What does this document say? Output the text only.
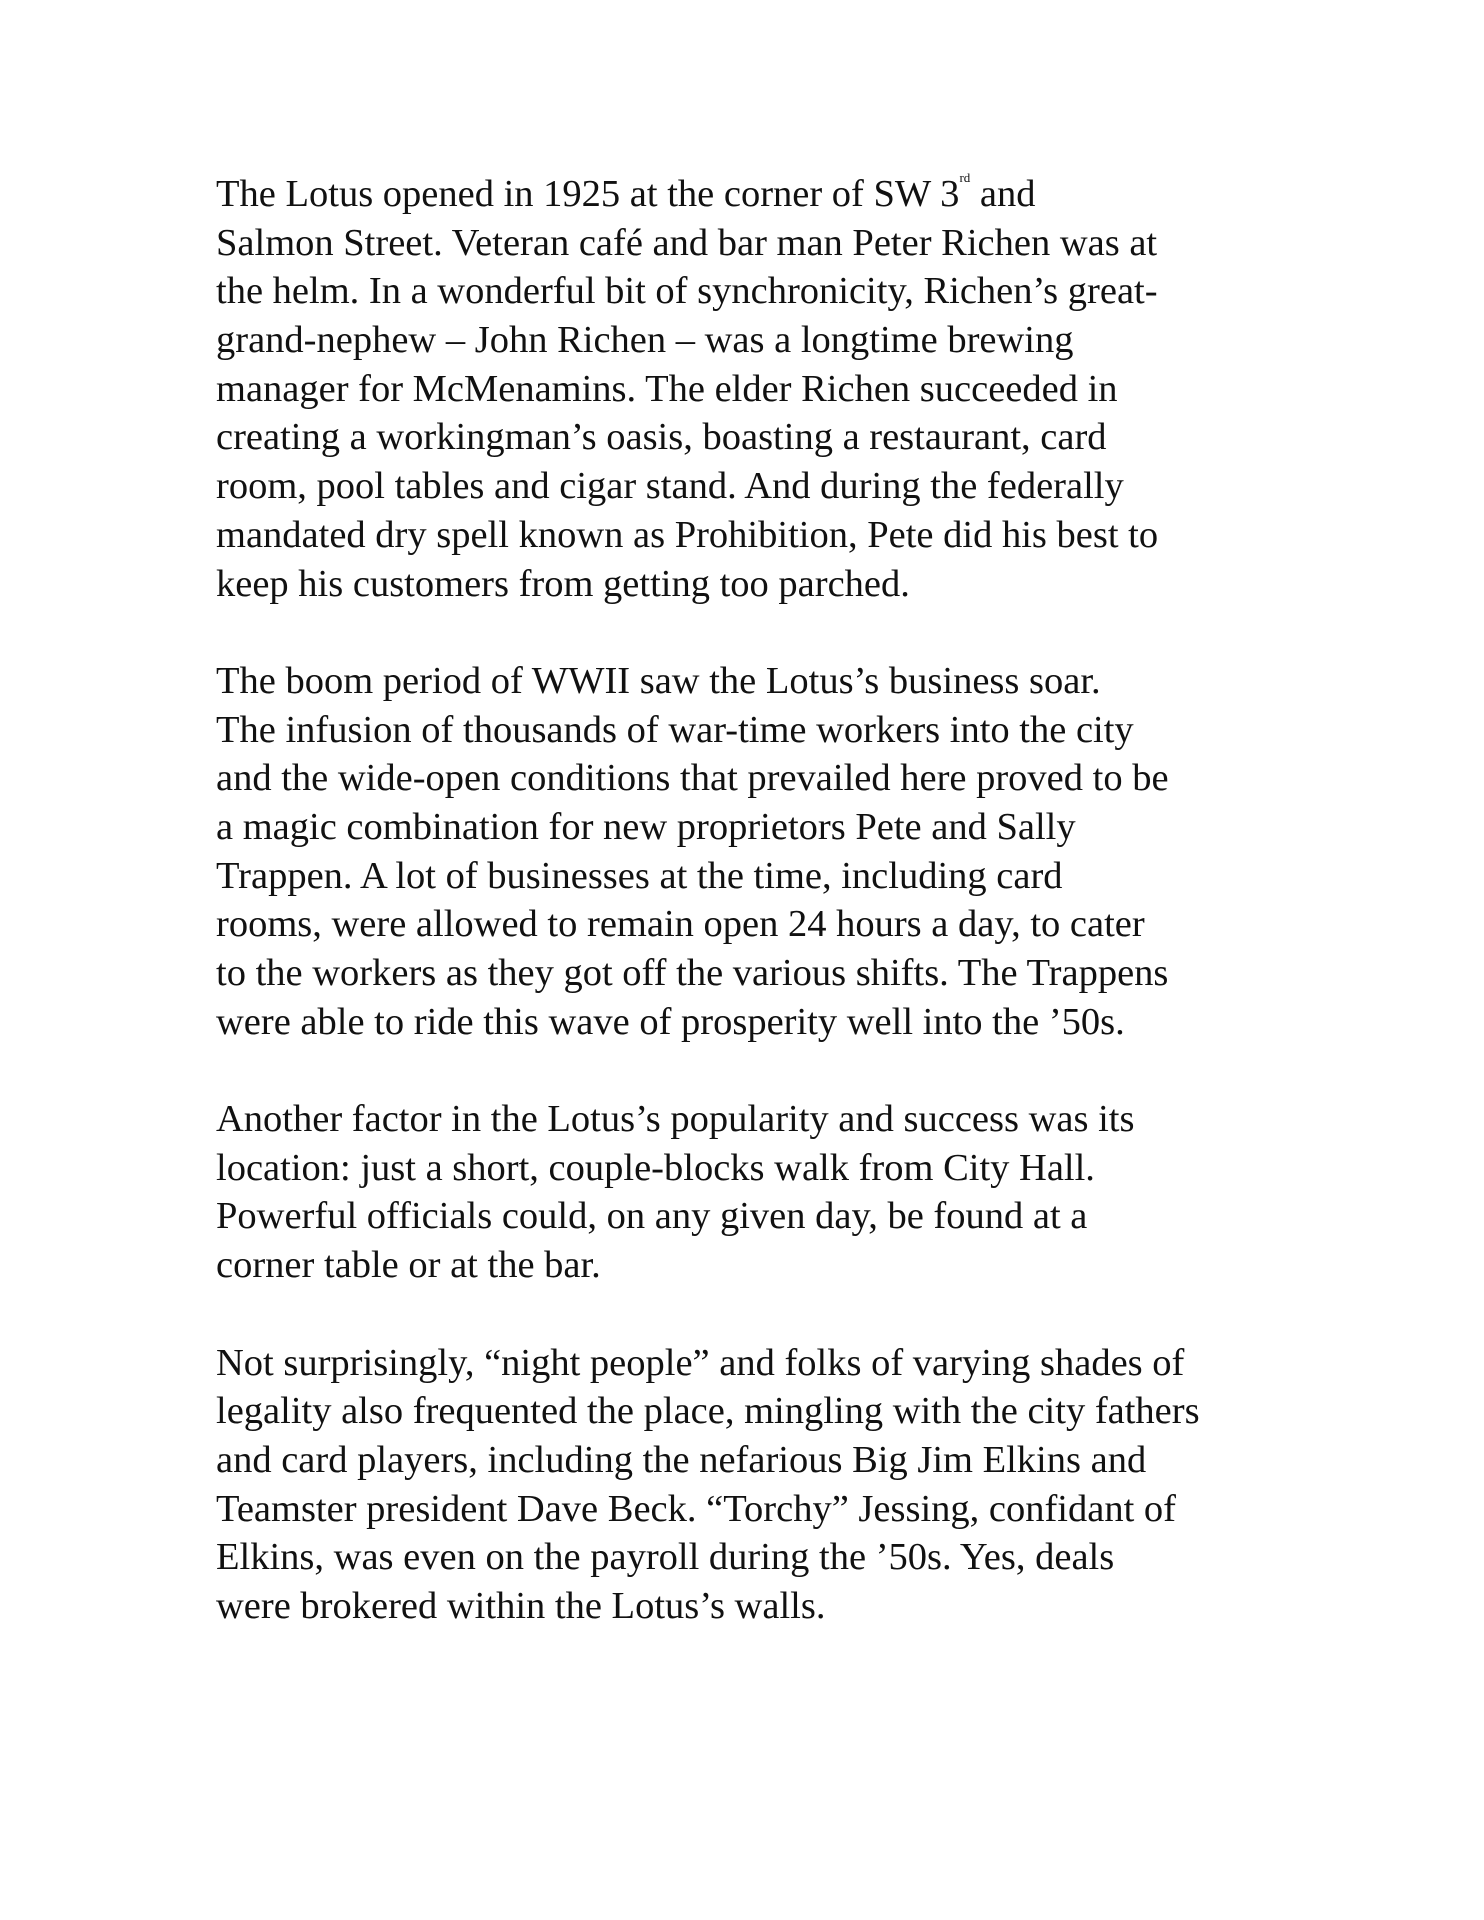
The Lotus opened in 1925 at the corner of SW 3rd and
Salmon Street. Veteran café and bar man Peter Richen was at
the helm. In a wonderful bit of synchronicity, Richen’s great-
grand-nephew – John Richen – was a longtime brewing
manager for McMenamins. The elder Richen succeeded in
creating a workingman’s oasis, boasting a restaurant, card
room, pool tables and cigar stand. And during the federally
mandated dry spell known as Prohibition, Pete did his best to
keep his customers from getting too parched.

The boom period of WWII saw the Lotus’s business soar.
The infusion of thousands of war-time workers into the city
and the wide-open conditions that prevailed here proved to be
a magic combination for new proprietors Pete and Sally
Trappen. A lot of businesses at the time, including card
rooms, were allowed to remain open 24 hours a day, to cater
to the workers as they got off the various shifts. The Trappens
were able to ride this wave of prosperity well into the ’50s.

Another factor in the Lotus’s popularity and success was its
location: just a short, couple-blocks walk from City Hall.
Powerful officials could, on any given day, be found at a
corner table or at the bar.

Not surprisingly, “night people” and folks of varying shades of
legality also frequented the place, mingling with the city fathers
and card players, including the nefarious Big Jim Elkins and
Teamster president Dave Beck. “Torchy” Jessing, confidant of
Elkins, was even on the payroll during the ’50s. Yes, deals
were brokered within the Lotus’s walls.
